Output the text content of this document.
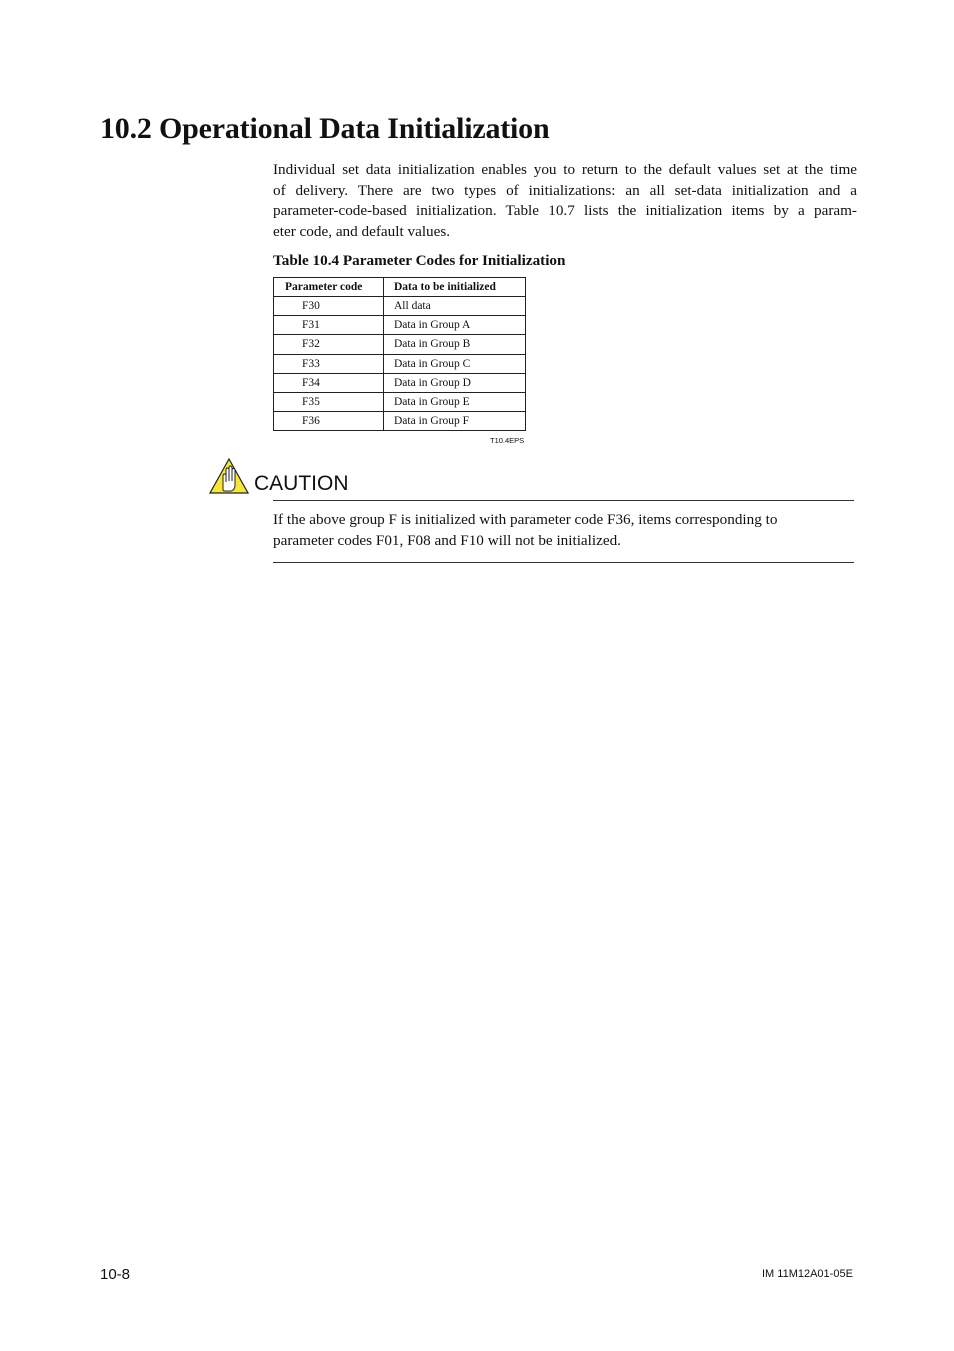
10.2 Operational Data Initialization

Individual set data initialization enables you to return to the default values set at the time
of delivery. There are two types of initializations: an all set-data initialization and a
parameter-code-based initialization. Table 10.7 lists the initialization items by a param-
eter code, and default values.

Table 10.4 Parameter Codes for Initialization

Parameter code	Data to be initialized
F30	All data
F31	Data in Group A
F32	Data in Group B
F33	Data in Group C
F34	Data in Group D
F35	Data in Group E
F36	Data in Group F
T10.4EPS
CAUTION

If the above group F is initialized with parameter code F36, items corresponding to
parameter codes F01, F08 and F10 will not be initialized.

10-8	IM 11M12A01-05E
